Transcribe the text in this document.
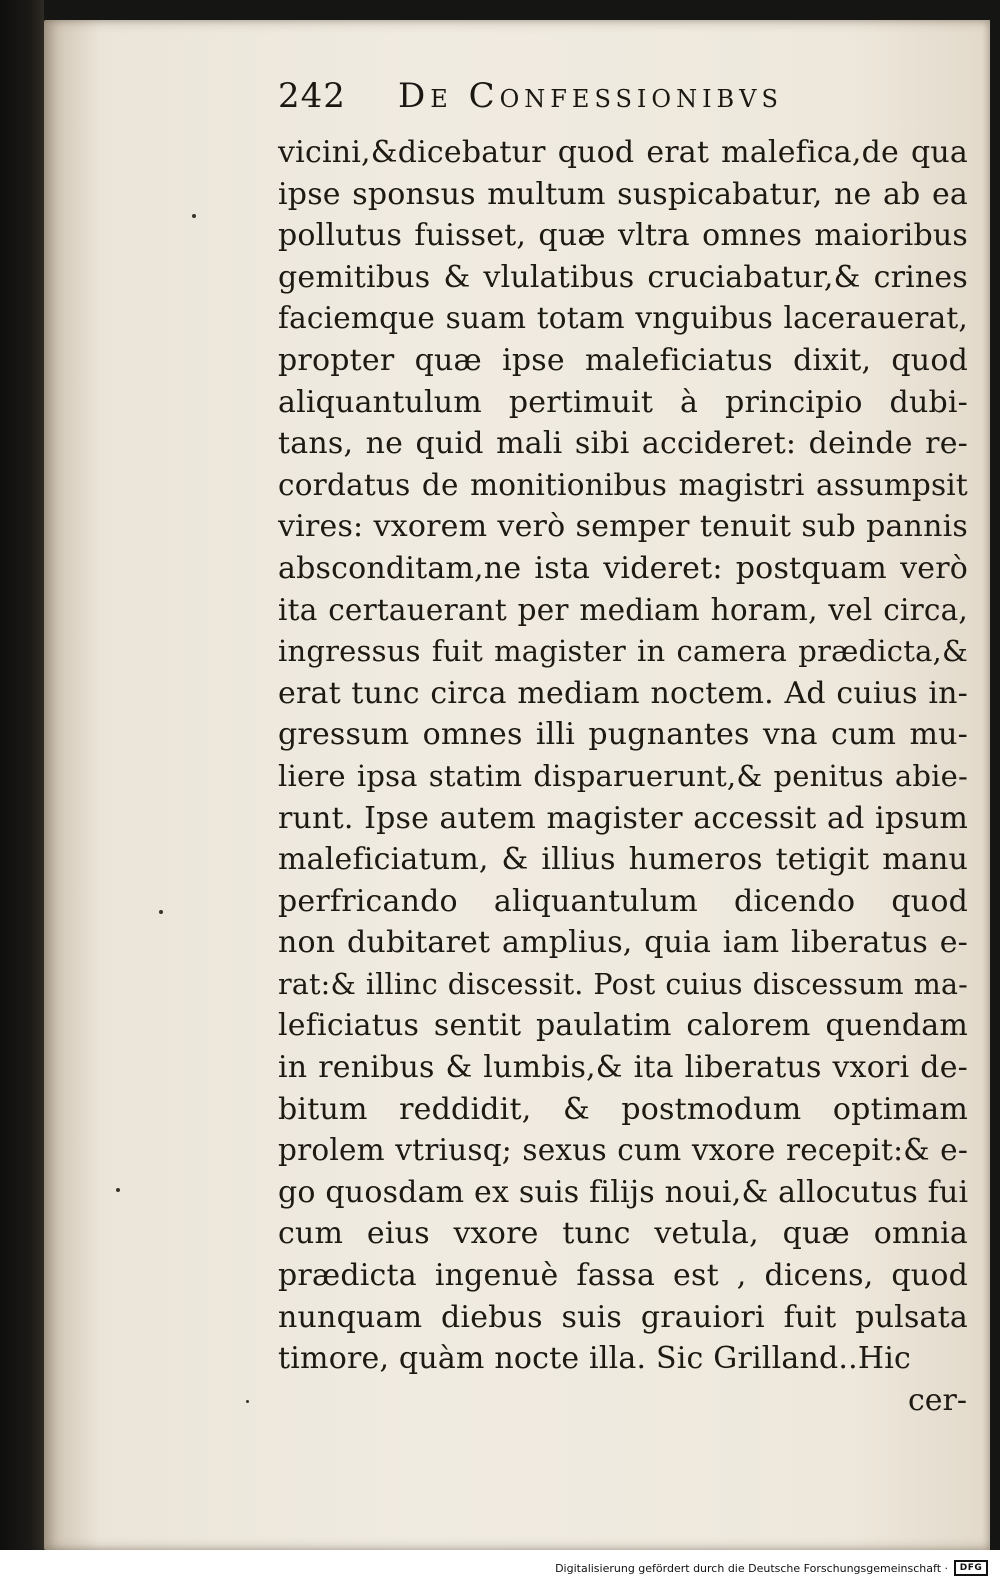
242 De Confessionibvs
vicini,&dicebatur quod erat malefica,de qua
ipse sponsus multum suspicabatur, ne ab ea
pollutus fuisset, quæ vltra omnes maioribus
gemitibus & vlulatibus cruciabatur,& crines
faciemque suam totam vnguibus lacerauerat,
propter quæ ipse maleficiatus dixit, quod
aliquantulum pertimuit à principio dubi-
tans, ne quid mali sibi accideret: deinde re-
cordatus de monitionibus magistri assumpsit
vires: vxorem verò semper tenuit sub pannis
absconditam,ne ista videret: postquam verò
ita certauerant per mediam horam, vel circa,
ingressus fuit magister in camera prædicta,&
erat tunc circa mediam noctem. Ad cuius in-
gressum omnes illi pugnantes vna cum mu-
liere ipsa statim disparuerunt,& penitus abie-
runt. Ipse autem magister accessit ad ipsum
maleficiatum, & illius humeros tetigit manu
perfricando aliquantulum dicendo quod
non dubitaret amplius, quia iam liberatus e-
rat:& illinc discessit. Post cuius discessum ma-
leficiatus sentit paulatim calorem quendam
in renibus & lumbis,& ita liberatus vxori de-
bitum reddidit, & postmodum optimam
prolem vtriusq; sexus cum vxore recepit:& e-
go quosdam ex suis filijs noui,& allocutus fui
cum eius vxore tunc vetula, quæ omnia
prædicta ingenuè fassa est , dicens, quod
nunquam diebus suis grauiori fuit pulsata
timore, quàm nocte illa. Sic Grilland..Hic
cer-
Digitalisierung gefördert durch die Deutsche Forschungsgemeinschaft ·	DFG
